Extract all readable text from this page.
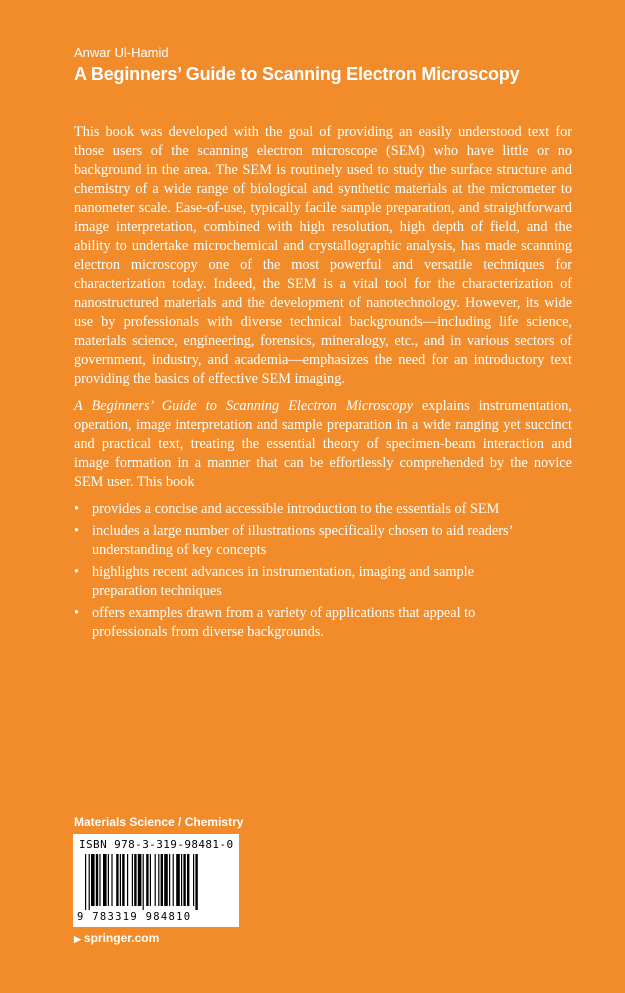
Anwar Ul-Hamid
A Beginners’ Guide to Scanning Electron Microscopy

This book was developed with the goal of providing an easily understood text for those users of the scanning electron microscope (SEM) who have little or no background in the area. The SEM is routinely used to study the surface structure and chemistry of a wide range of biological and synthetic materials at the micrometer to nanometer scale. Ease-of-use, typically facile sample preparation, and straightforward image interpretation, combined with high resolution, high depth of field, and the ability to undertake microchemical and crystallographic analysis, has made scanning electron microscopy one of the most powerful and versatile techniques for characterization today. Indeed, the SEM is a vital tool for the characterization of nanostructured materials and the development of nanotechnology. However, its wide use by professionals with diverse technical backgrounds—including life science, materials science, engineering, forensics, mineralogy, etc., and in various sectors of government, industry, and academia—emphasizes the need for an introductory text providing the basics of effective SEM imaging.

A Beginners’ Guide to Scanning Electron Microscopy explains instrumentation, operation, image interpretation and sample preparation in a wide ranging yet succinct and practical text, treating the essential theory of specimen-beam interaction and image formation in a manner that can be effortlessly comprehended by the novice SEM user. This book

• provides a concise and accessible introduction to the essentials of SEM
• includes a large number of illustrations specifically chosen to aid readers’ understanding of key concepts
• highlights recent advances in instrumentation, imaging and sample preparation techniques
• offers examples drawn from a variety of applications that appeal to professionals from diverse backgrounds.
Materials Science / Chemistry
ISBN 978-3-319-98481-0
9 783319 984810
▶ springer.com
